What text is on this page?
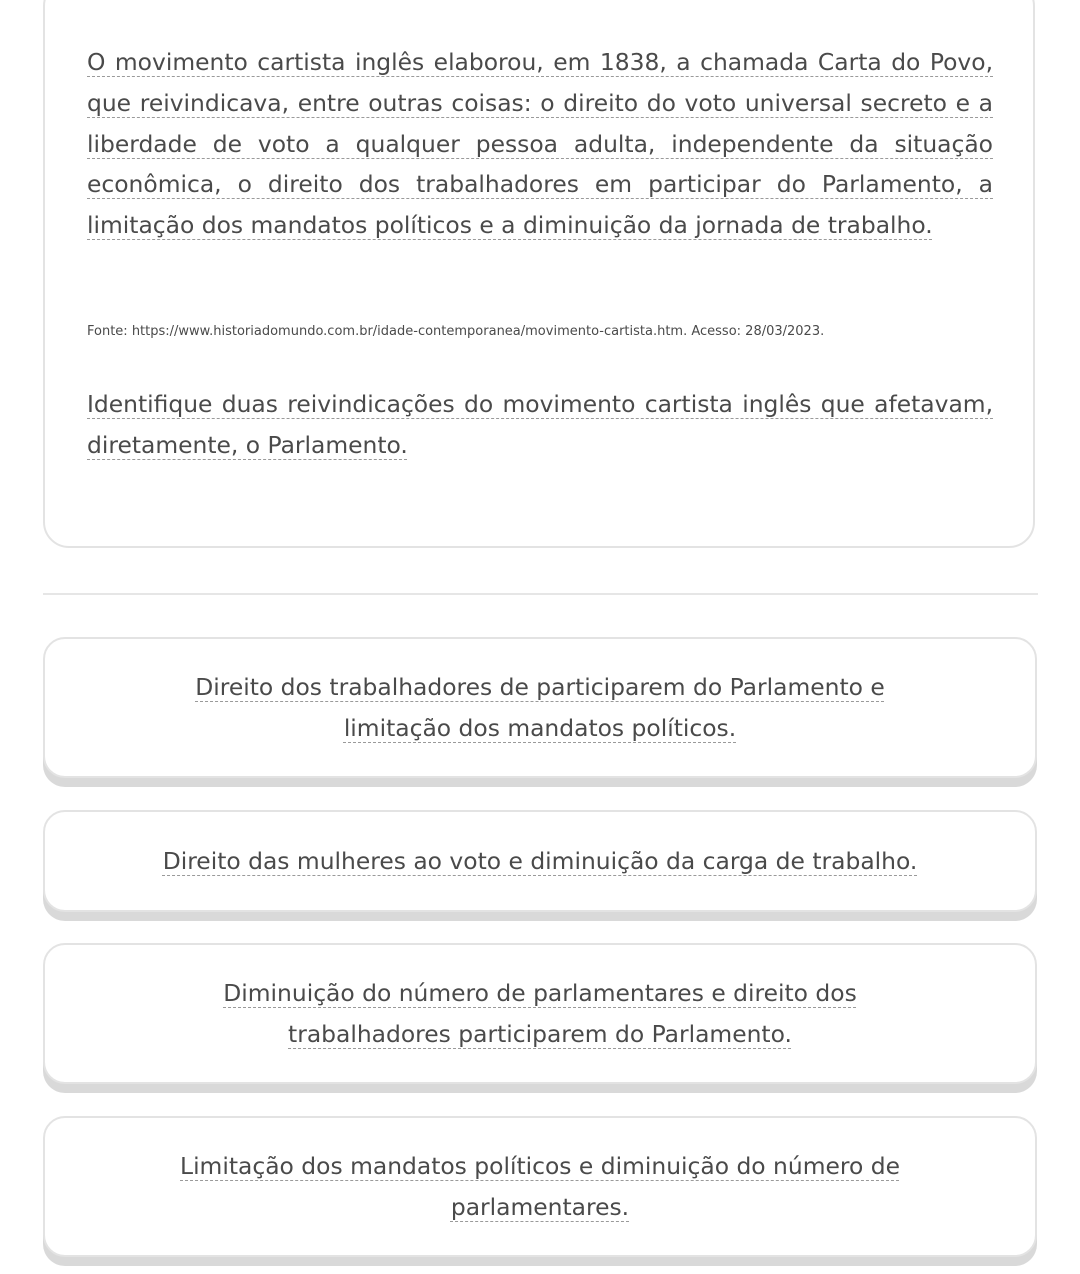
O movimento cartista inglês elaborou, em 1838, a chamada Carta do Povo, que reivindicava, entre outras coisas: o direito do voto universal secreto e a liberdade de voto a qualquer pessoa adulta, independente da situação econômica, o direito dos trabalhadores em participar do Parlamento, a limitação dos mandatos políticos e a diminuição da jornada de trabalho.

Fonte: https://www.historiadomundo.com.br/idade-contemporanea/movimento-cartista.htm. Acesso: 28/03/2023.

Identifique duas reivindicações do movimento cartista inglês que afetavam, diretamente, o Parlamento.

Direito dos trabalhadores de participarem do Parlamento e limitação dos mandatos políticos.
Direito das mulheres ao voto e diminuição da carga de trabalho.
Diminuição do número de parlamentares e direito dos trabalhadores participarem do Parlamento.
Limitação dos mandatos políticos e diminuição do número de parlamentares.
